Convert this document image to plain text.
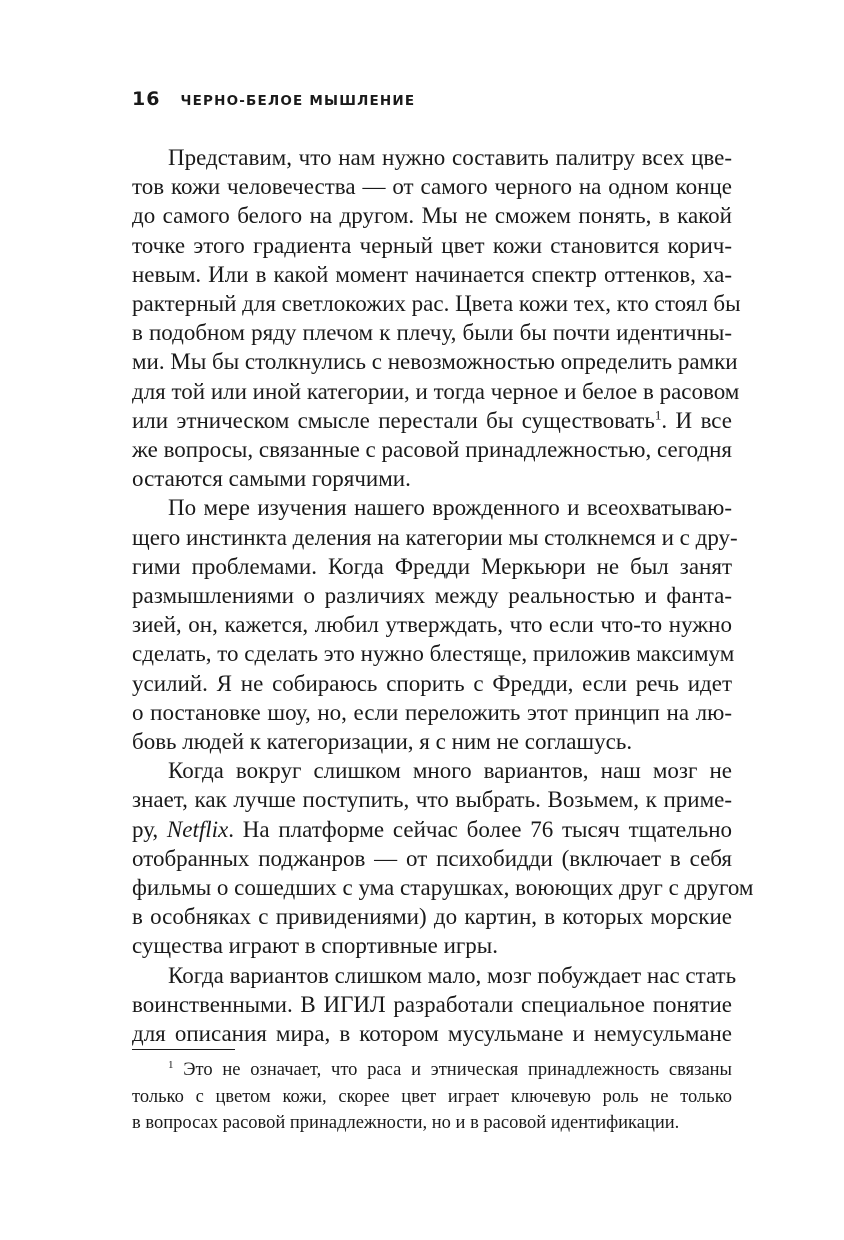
16 ЧЕРНО-БЕЛОЕ МЫШЛЕНИЕ
Представим, что нам нужно составить палитру всех цве-
тов кожи человечества — от самого черного на одном конце
до самого белого на другом. Мы не сможем понять, в какой
точке этого градиента черный цвет кожи становится корич-
невым. Или в какой момент начинается спектр оттенков, ха-
рактерный для светлокожих рас. Цвета кожи тех, кто стоял бы
в подобном ряду плечом к плечу, были бы почти идентичны-
ми. Мы бы столкнулись с невозможностью определить рамки
для той или иной категории, и тогда черное и белое в расовом
или этническом смысле перестали бы существовать$^1$. И все
же вопросы, связанные с расовой принадлежностью, сегодня
остаются самыми горячими.
По мере изучения нашего врожденного и всеохватываю-
щего инстинкта деления на категории мы столкнемся и с дру-
гими проблемами. Когда Фредди Меркьюри не был занят
размышлениями о различиях между реальностью и фанта-
зией, он, кажется, любил утверждать, что если что-то нужно
сделать, то сделать это нужно блестяще, приложив максимум
усилий. Я не собираюсь спорить с Фредди, если речь идет
о постановке шоу, но, если переложить этот принцип на лю-
бовь людей к категоризации, я с ним не соглашусь.
Когда вокруг слишком много вариантов, наш мозг не
знает, как лучше поступить, что выбрать. Возьмем, к приме-
ру, Netflix. На платформе сейчас более 76 тысяч тщательно
отобранных поджанров — от психобидди (включает в себя
фильмы о сошедших с ума старушках, воюющих друг с другом
в особняках с привидениями) до картин, в которых морские
существа играют в спортивные игры.
Когда вариантов слишком мало, мозг побуждает нас стать
воинственными. В ИГИЛ разработали специальное понятие
для описания мира, в котором мусульмане и немусульмане
$^1$ Это не означает, что раса и этническая принадлежность связаны
только с цветом кожи, скорее цвет играет ключевую роль не только
в вопросах расовой принадлежности, но и в расовой идентификации.
